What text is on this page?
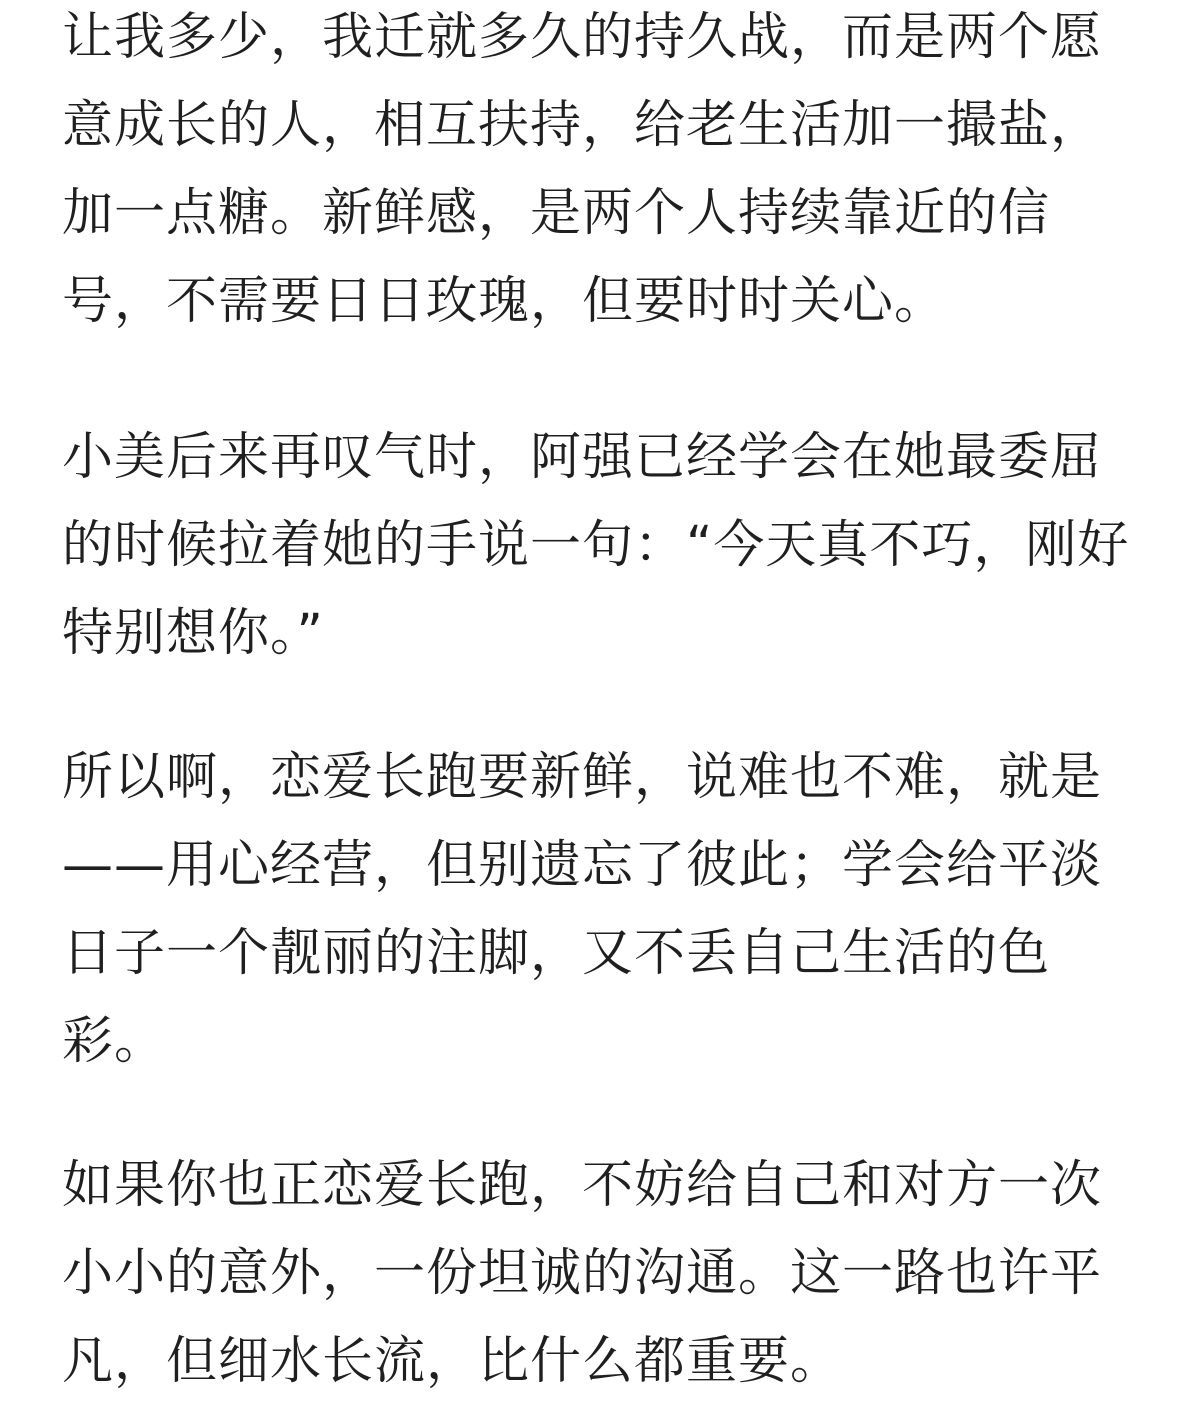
让我多少，我迁就多久的持久战，而是两个愿
意成长的人，相互扶持，给老生活加一撮盐，
加一点糖。新鲜感，是两个人持续靠近的信
号，不需要日日玫瑰，但要时时关心。
小美后来再叹气时，阿强已经学会在她最委屈
的时候拉着她的手说一句：“今天真不巧，刚好
特别想你。”
所以啊，恋爱长跑要新鲜，说难也不难，就是
——用心经营，但别遗忘了彼此；学会给平淡
日子一个靓丽的注脚，又不丢自己生活的色
彩。
如果你也正恋爱长跑，不妨给自己和对方一次
小小的意外，一份坦诚的沟通。这一路也许平
凡，但细水长流，比什么都重要。
